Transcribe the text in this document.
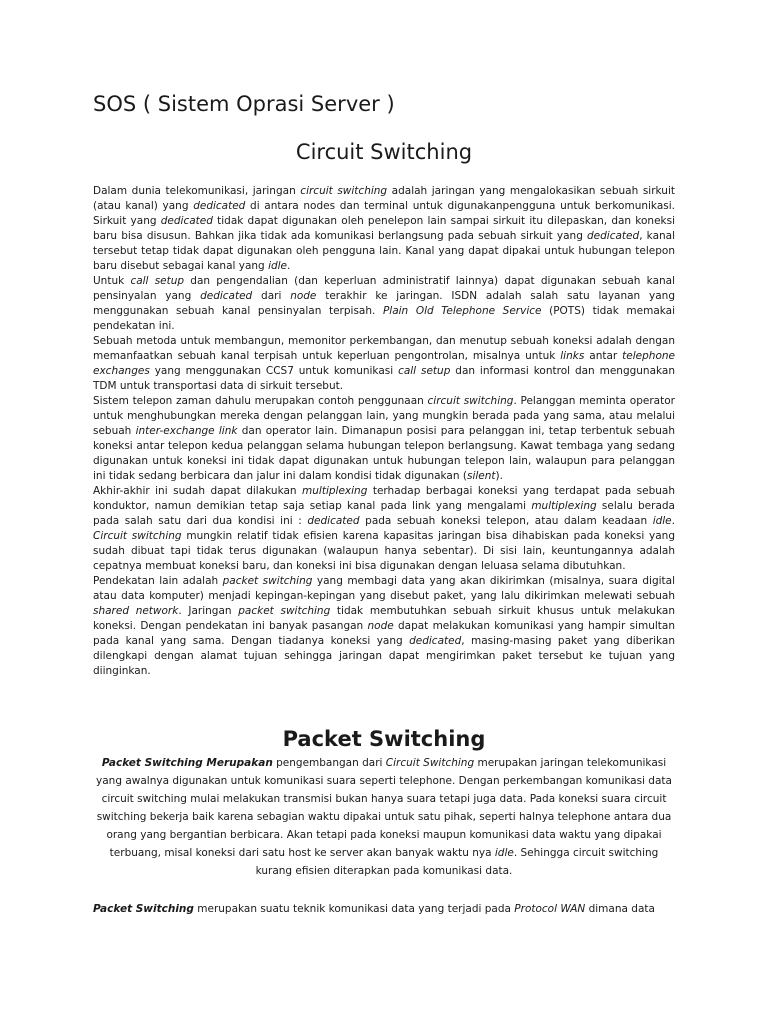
SOS ( Sistem Oprasi Server )
Circuit Switching

Dalam dunia telekomunikasi, jaringan circuit switching adalah jaringan yang mengalokasikan sebuah sirkuit (atau kanal) yang dedicated di antara nodes dan terminal untuk digunakanpengguna untuk berkomunikasi. Sirkuit yang dedicated tidak dapat digunakan oleh penelepon lain sampai sirkuit itu dilepaskan, dan koneksi baru bisa disusun. Bahkan jika tidak ada komunikasi berlangsung pada sebuah sirkuit yang dedicated, kanal tersebut tetap tidak dapat digunakan oleh pengguna lain. Kanal yang dapat dipakai untuk hubungan telepon baru disebut sebagai kanal yang idle.

Untuk call setup dan pengendalian (dan keperluan administratif lainnya) dapat digunakan sebuah kanal pensinyalan yang dedicated dari node terakhir ke jaringan. ISDN adalah salah satu layanan yang menggunakan sebuah kanal pensinyalan terpisah. Plain Old Telephone Service (POTS) tidak memakai pendekatan ini.

Sebuah metoda untuk membangun, memonitor perkembangan, dan menutup sebuah koneksi adalah dengan memanfaatkan sebuah kanal terpisah untuk keperluan pengontrolan, misalnya untuk links antar telephone exchanges yang menggunakan CCS7 untuk komunikasi call setup dan informasi kontrol dan menggunakan TDM untuk transportasi data di sirkuit tersebut.

Sistem telepon zaman dahulu merupakan contoh penggunaan circuit switching. Pelanggan meminta operator untuk menghubungkan mereka dengan pelanggan lain, yang mungkin berada pada yang sama, atau melalui sebuah inter-exchange link dan operator lain. Dimanapun posisi para pelanggan ini, tetap terbentuk sebuah koneksi antar telepon kedua pelanggan selama hubungan telepon berlangsung. Kawat tembaga yang sedang digunakan untuk koneksi ini tidak dapat digunakan untuk hubungan telepon lain, walaupun para pelanggan ini tidak sedang berbicara dan jalur ini dalam kondisi tidak digunakan (silent).

Akhir-akhir ini sudah dapat dilakukan multiplexing terhadap berbagai koneksi yang terdapat pada sebuah konduktor, namun demikian tetap saja setiap kanal pada link yang mengalami multiplexing selalu berada pada salah satu dari dua kondisi ini : dedicated pada sebuah koneksi telepon, atau dalam keadaan idle. Circuit switching mungkin relatif tidak efisien karena kapasitas jaringan bisa dihabiskan pada koneksi yang sudah dibuat tapi tidak terus digunakan (walaupun hanya sebentar). Di sisi lain, keuntungannya adalah cepatnya membuat koneksi baru, dan koneksi ini bisa digunakan dengan leluasa selama dibutuhkan.

Pendekatan lain adalah packet switching yang membagi data yang akan dikirimkan (misalnya, suara digital atau data komputer) menjadi kepingan-kepingan yang disebut paket, yang lalu dikirimkan melewati sebuah shared network. Jaringan packet switching tidak membutuhkan sebuah sirkuit khusus untuk melakukan koneksi. Dengan pendekatan ini banyak pasangan node dapat melakukan komunikasi yang hampir simultan pada kanal yang sama. Dengan tiadanya koneksi yang dedicated, masing-masing paket yang diberikan dilengkapi dengan alamat tujuan sehingga jaringan dapat mengirimkan paket tersebut ke tujuan yang diinginkan.

Packet Switching

Packet Switching Merupakan pengembangan dari Circuit Switching merupakan jaringan telekomunikasi yang awalnya digunakan untuk komunikasi suara seperti telephone. Dengan perkembangan komunikasi data circuit switching mulai melakukan transmisi bukan hanya suara tetapi juga data. Pada koneksi suara circuit switching bekerja baik karena sebagian waktu dipakai untuk satu pihak, seperti halnya telephone antara dua orang yang bergantian berbicara. Akan tetapi pada koneksi maupun komunikasi data waktu yang dipakai terbuang, misal koneksi dari satu host ke server akan banyak waktu nya idle. Sehingga circuit switching kurang efisien diterapkan pada komunikasi data.

Packet Switching merupakan suatu teknik komunikasi data yang terjadi pada Protocol WAN dimana data
